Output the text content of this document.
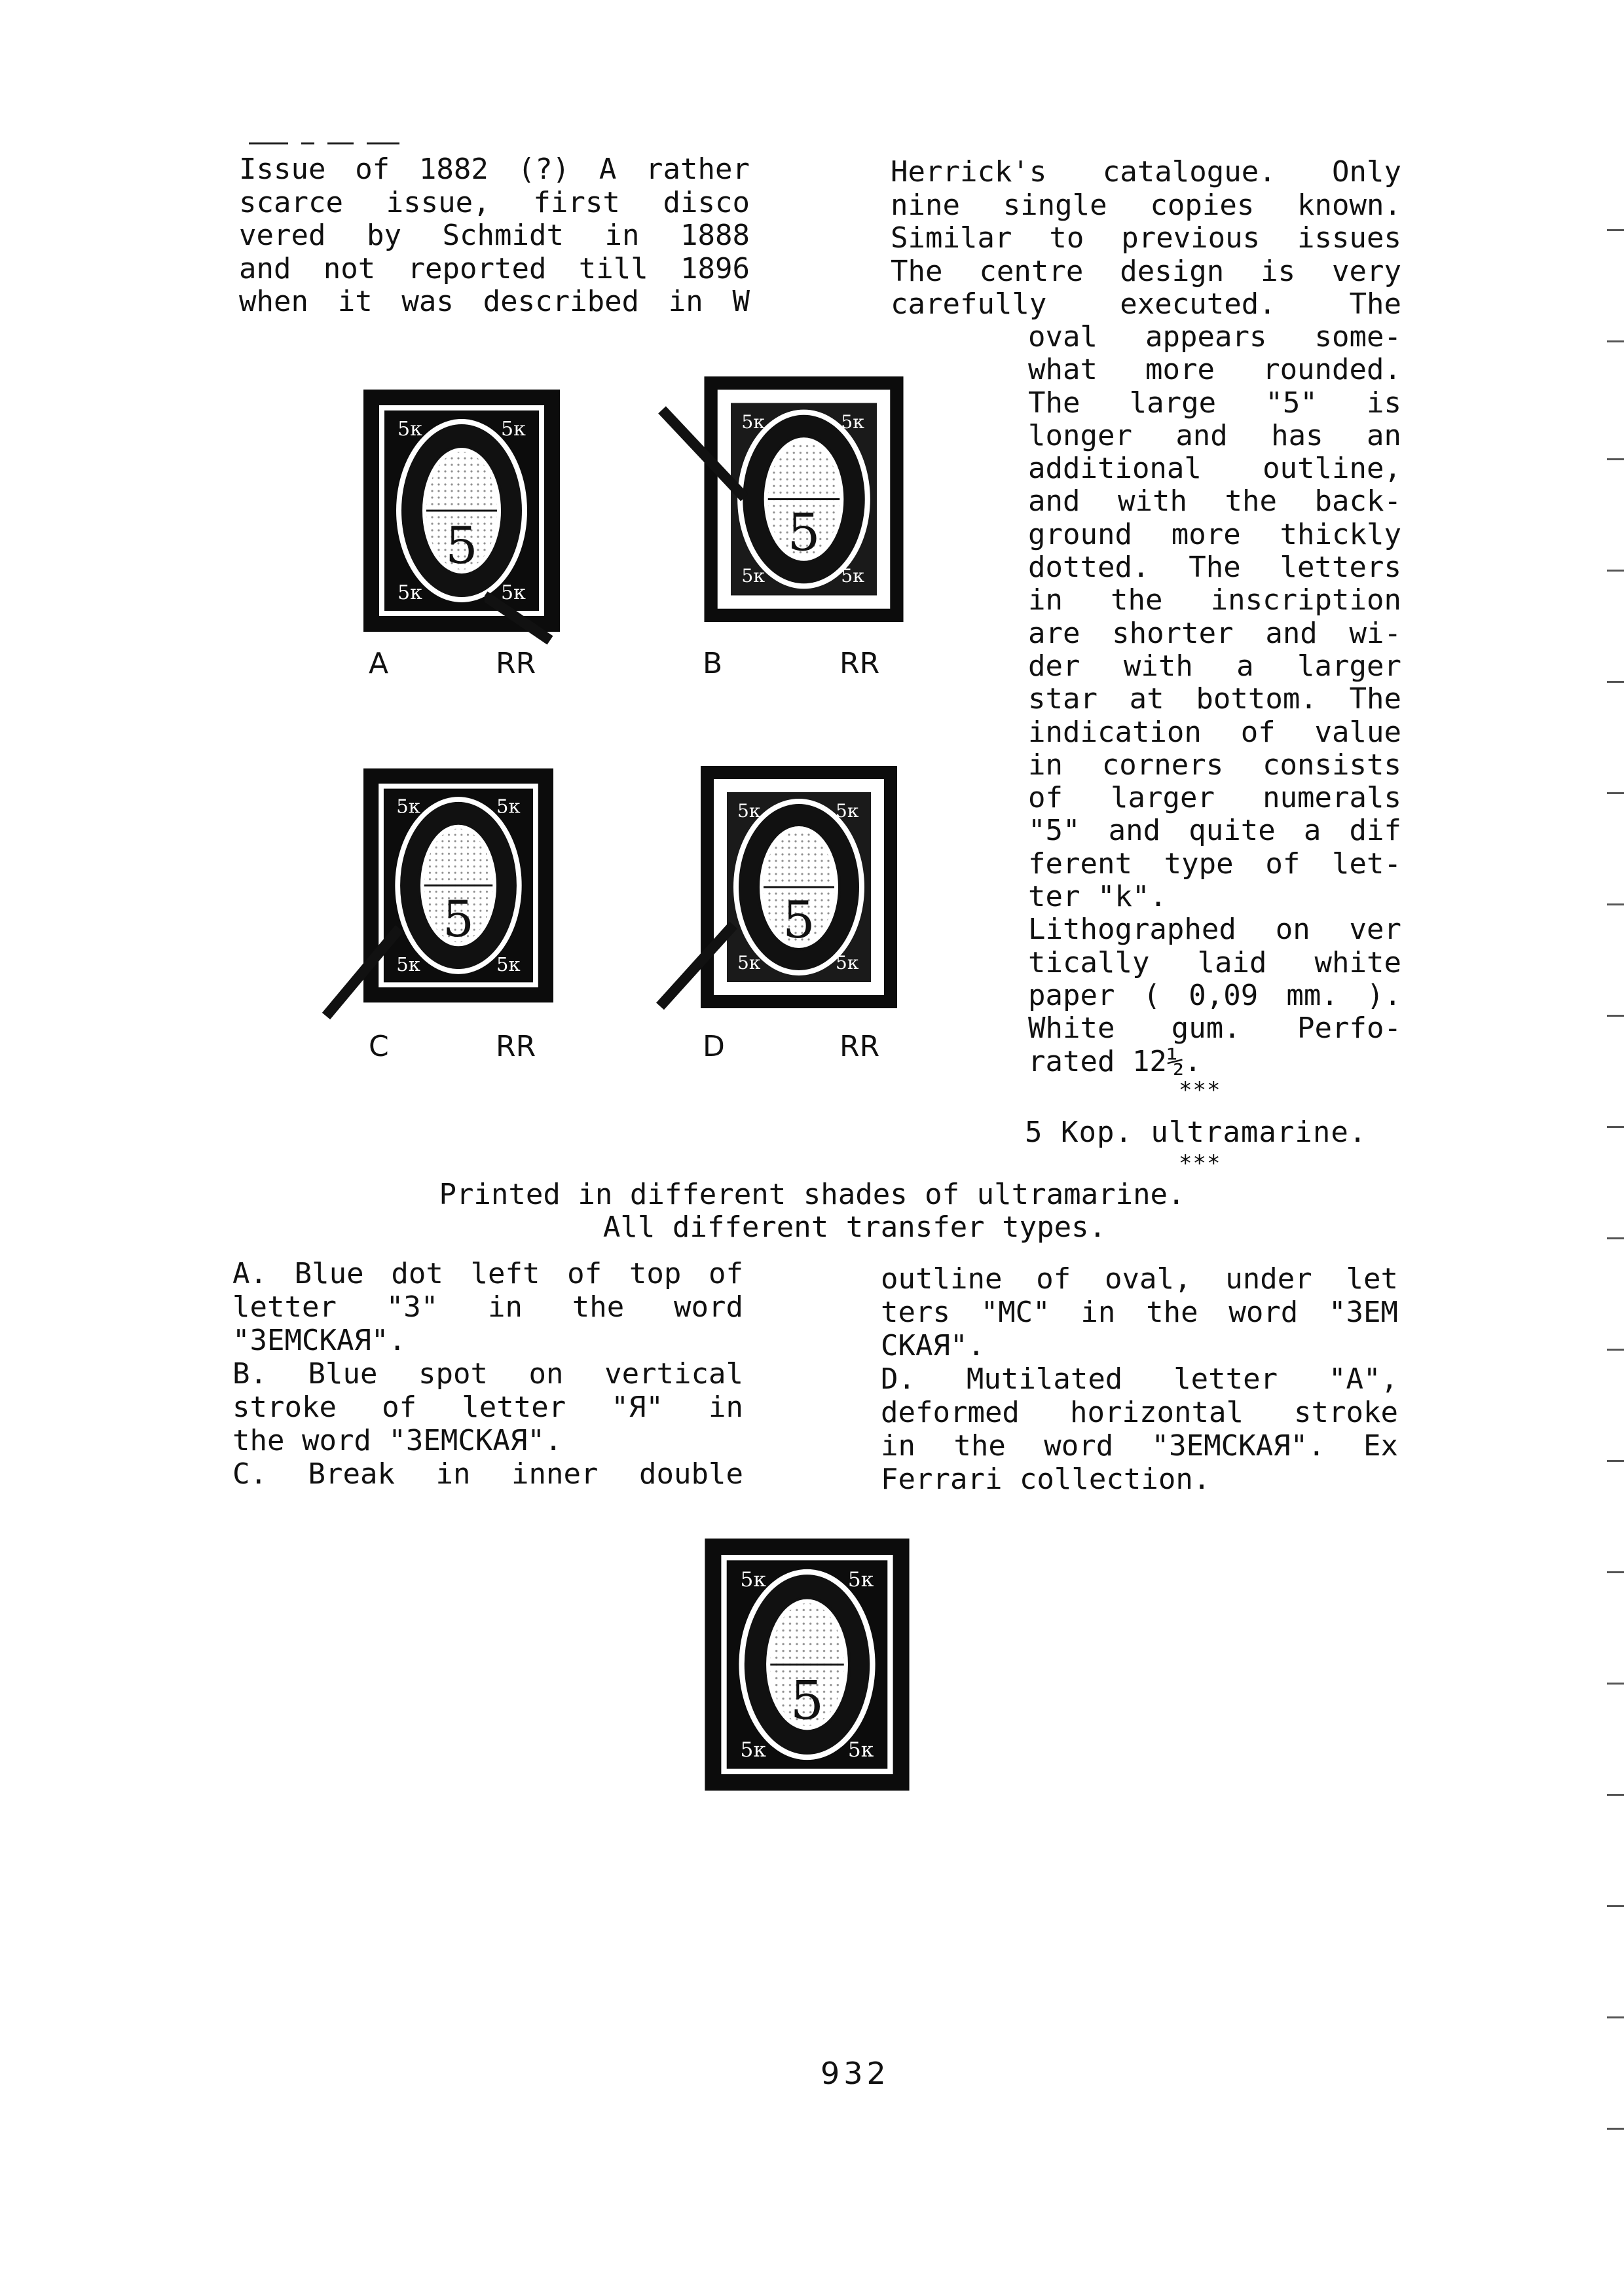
Issue of 1882 (?) A rather
scarce issue, first disco
vered by Schmidt in 1888
and not reported till 1896
when it was described in W
Herrick's catalogue. Only
nine single copies known.
Similar to previous issues
The centre design is very
carefully executed. The
oval appears some-
what more rounded.
The large "5" is
longer and has an
additional outline,
and with the back-
ground more thickly
dotted. The letters
in the inscription
are shorter and wi-
der with a larger
star at bottom. The
indication of value
in corners consists
of larger numerals
"5" and quite a dif
ferent type of let-
ter "k".
Lithographed on ver
tically laid white
paper ( 0,09 mm. ).
White gum. Perfo-
rated 12½.
***
5 Kop. ultramarine.
***
Printed in different shades of ultramarine.
All different transfer types.
A. Blue dot left of top of
letter "З" in the word
"ЗЕМСКАЯ".
B. Blue spot on vertical
stroke of letter "Я" in
the word "ЗЕМСКАЯ".
C. Break in inner double
outline of oval, under let
ters "MC" in the word "ЗЕМ
СКАЯ".
D. Mutilated letter "A",
deformed horizontal stroke
in the word "ЗЕМСКАЯ". Ex
Ferrari collection.
5
5к	5к
5к	5к
5
5к	5к
5к	5к
5
5к	5к
5к	5к
5
5к	5к
5к	5к
5
5к	5к
5к	5к
A	RR	B	RR
C	RR	D	RR
932
